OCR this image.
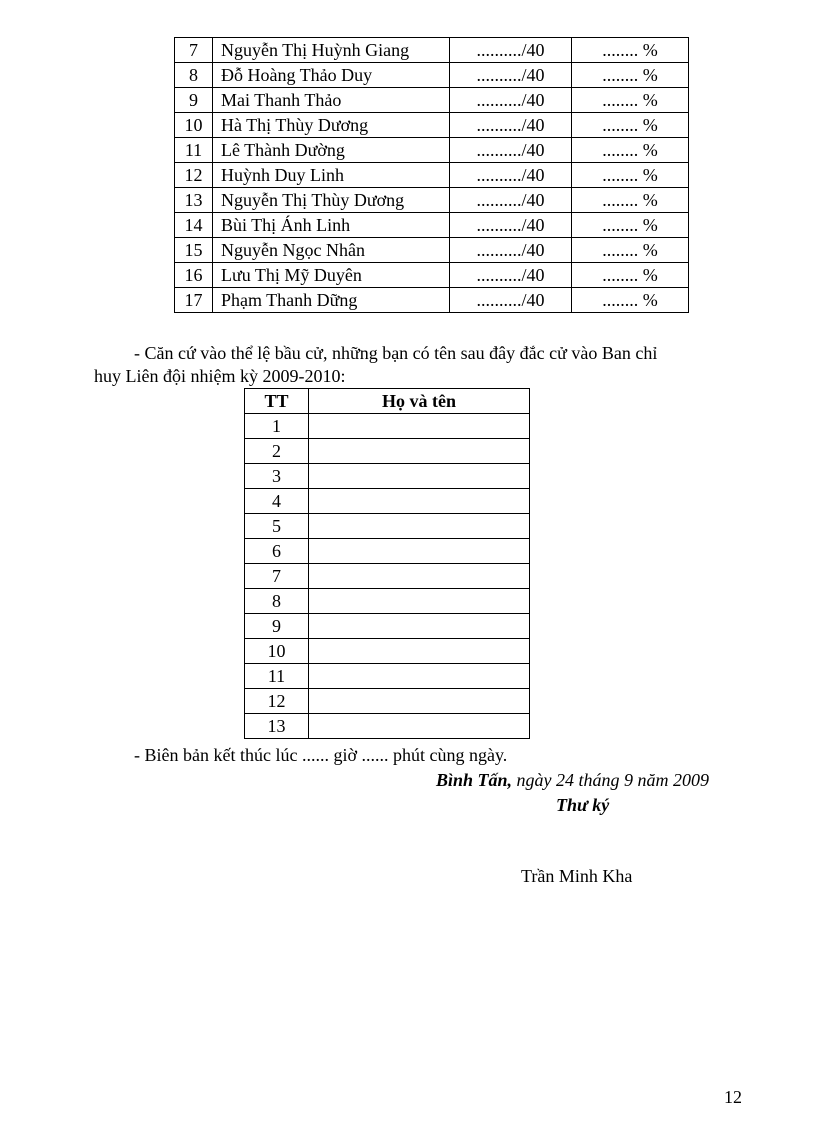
7	Nguyễn Thị Huỳnh Giang	........../40	........ %
8	Đỗ Hoàng Thảo Duy	........../40	........ %
9	Mai Thanh Thảo	........../40	........ %
10	Hà Thị Thùy Dương	........../40	........ %
11	Lê Thành Dường	........../40	........ %
12	Huỳnh Duy Linh	........../40	........ %
13	Nguyễn Thị Thùy Dương	........../40	........ %
14	Bùi Thị Ánh Linh	........../40	........ %
15	Nguyễn Ngọc Nhân	........../40	........ %
16	Lưu Thị Mỹ Duyên	........../40	........ %
17	Phạm Thanh Dững	........../40	........ %
- Căn cứ vào thể lệ bầu cử, những bạn có tên sau đây đắc cử vào Ban chỉ
huy Liên đội nhiệm kỳ 2009-2010:
TT	Họ và tên
1	
2	
3	
4	
5	
6	
7	
8	
9	
10	
11	
12	
13	
- Biên bản kết thúc lúc ...... giờ ...... phút cùng ngày.
Bình Tấn, ngày 24 tháng 9 năm 2009
Thư ký
Trần Minh Kha
12
